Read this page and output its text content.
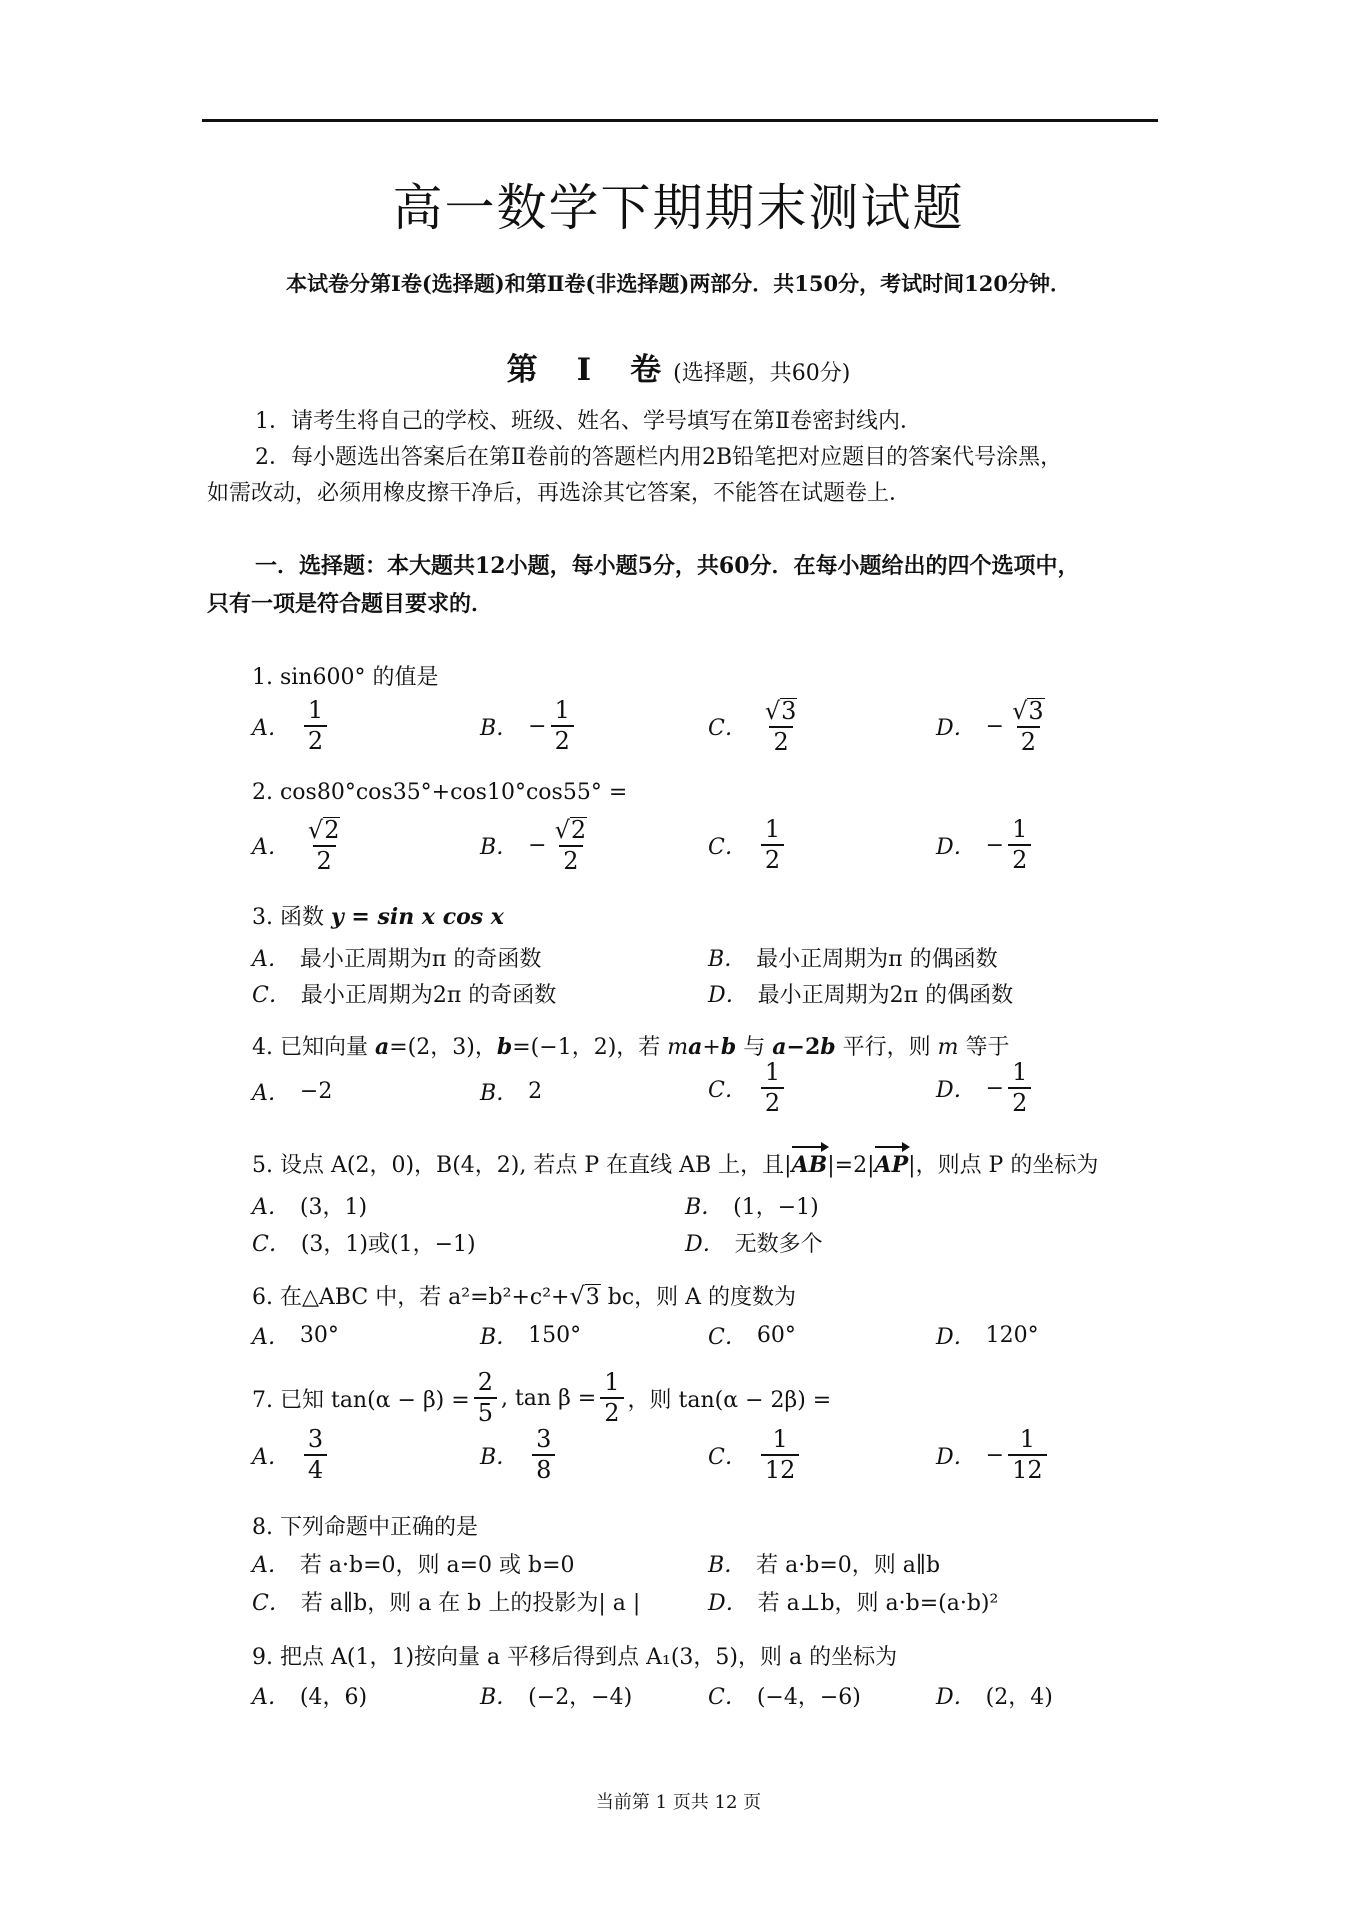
高一数学下期期末测试题
本试卷分第Ⅰ卷(选择题)和第Ⅱ卷(非选择题)两部分．共150分，考试时间120分钟．
第　Ⅰ　卷 (选择题，共60分)
1．请考生将自己的学校、班级、姓名、学号填写在第Ⅱ卷密封线内．
2．每小题选出答案后在第Ⅱ卷前的答题栏内用2B铅笔把对应题目的答案代号涂黑，
如需改动，必须用橡皮擦干净后，再选涂其它答案，不能答在试题卷上．
一．选择题：本大题共12小题，每小题5分，共60分．在每小题给出的四个选项中，
只有一项是符合题目要求的．
1. sin600° 的值是
A． $\frac{1}{2}$	B． − $\frac{1}{2}$	C． $\frac{√3}{2}$	D． − $\frac{√3}{2}$
2. cos80°cos35°+cos10°cos55° =
A． $\frac{√2}{2}$	B． − $\frac{√2}{2}$	C． $\frac{1}{2}$	D． − $\frac{1}{2}$
3. 函数 y = sin x cos x
A． 最小正周期为π 的奇函数	B． 最小正周期为π 的偶函数
C． 最小正周期为2π 的奇函数	D． 最小正周期为2π 的偶函数
4. 已知向量 a=(2，3)，b=(−1，2)，若 ma+b 与 a−2b 平行，则 m 等于
A． −2	B． 2	C． $\frac{1}{2}$	D． − $\frac{1}{2}$
5. 设点 A(2，0)，B(4，2), 若点 P 在直线 AB 上，且|AB|=2|AP|，则点 P 的坐标为
A． (3，1)	B． (1，−1)
C． (3，1)或(1，−1)	D． 无数多个
6. 在△ABC 中，若 a²=b²+c²+√3 bc，则 A 的度数为
A． 30°	B． 150°	C． 60°	D． 120°
7. 已知 $\tan(\alpha - \beta) = \frac{2}{5}$ , $\tan \beta = \frac{1}{2}$ ，则 tan(α − 2β) =
A． $\frac{3}{4}$	B． $\frac{3}{8}$	C． $\frac{1}{12}$	D． − $\frac{1}{12}$
8. 下列命题中正确的是
A． 若 a·b=0，则 a=0 或 b=0	B． 若 a·b=0，则 a∥b
C． 若 a∥b，则 a 在 b 上的投影为| a |	D． 若 a⊥b，则 a·b=(a·b)²
9. 把点 A(1，1)按向量 a 平移后得到点 A₁(3，5)，则 a 的坐标为
A． (4，6)	B． (−2，−4)	C． (−4，−6)	D． (2，4)
当前第 1 页共 12 页
